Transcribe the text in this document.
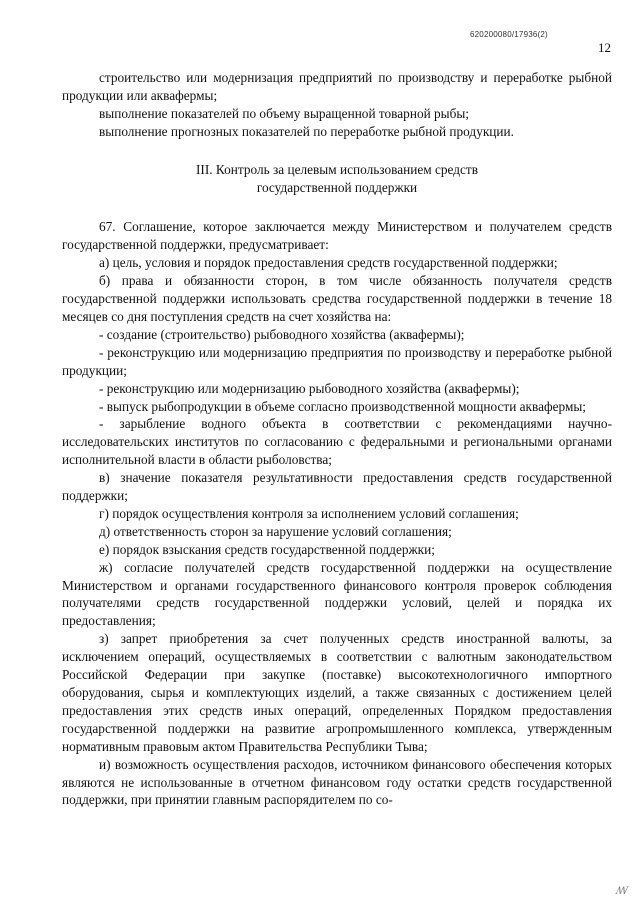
620200080/17936(2)
12

строительство или модернизация предприятий по производству и переработке рыбной продукции или аквафермы;

выполнение показателей по объему выращенной товарной рыбы;

выполнение прогнозных показателей по переработке рыбной продукции.

III. Контроль за целевым использованием средств
государственной поддержки

67. Соглашение, которое заключается между Министерством и получателем средств государственной поддержки, предусматривает:

а) цель, условия и порядок предоставления средств государственной поддержки;

б) права и обязанности сторон, в том числе обязанность получателя средств государственной поддержки использовать средства государственной поддержки в течение 18 месяцев со дня поступления средств на счет хозяйства на:

- создание (строительство) рыбоводного хозяйства (аквафермы);

- реконструкцию или модернизацию предприятия по производству и переработке рыбной продукции;

- реконструкцию или модернизацию рыбоводного хозяйства (аквафермы);

- выпуск рыбопродукции в объеме согласно производственной мощности аквафермы;

- зарыбление водного объекта в соответствии с рекомендациями научно-исследовательских институтов по согласованию с федеральными и региональными органами исполнительной власти в области рыболовства;

в) значение показателя результативности предоставления средств государственной поддержки;

г) порядок осуществления контроля за исполнением условий соглашения;

д) ответственность сторон за нарушение условий соглашения;

е) порядок взыскания средств государственной поддержки;

ж) согласие получателей средств государственной поддержки на осуществление Министерством и органами государственного финансового контроля проверок соблюдения получателями средств государственной поддержки условий, целей и порядка их предоставления;

з) запрет приобретения за счет полученных средств иностранной валюты, за исключением операций, осуществляемых в соответствии с валютным законодательством Российской Федерации при закупке (поставке) высокотехнологичного импортного оборудования, сырья и комплектующих изделий, а также связанных с достижением целей предоставления этих средств иных операций, определенных Порядком предоставления государственной поддержки на развитие агропромышленного комплекса, утвержденным нормативным правовым актом Правительства Республики Тыва;

и) возможность осуществления расходов, источником финансового обеспечения которых являются не использованные в отчетном финансовом году остатки средств государственной поддержки, при принятии главным распорядителем по со-

ꟿ
